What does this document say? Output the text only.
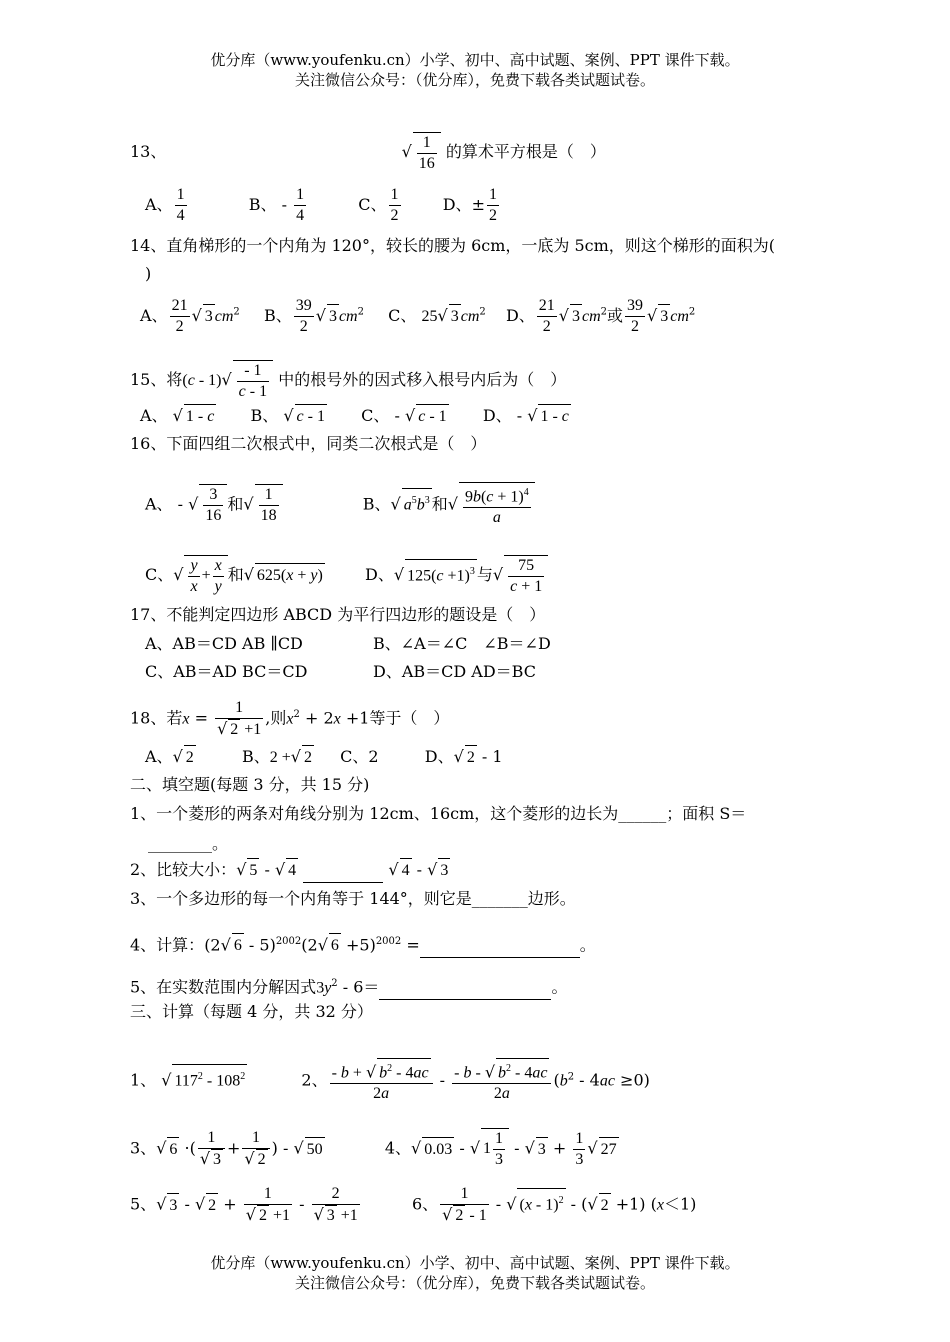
优分库（www.youfenku.cn）小学、初中、高中试题、案例、PPT 课件下载。
关注微信公众号：（优分库），免费下载各类试题试卷。
13、	√ $\frac{1}{16}$ 的算术平方根是（　）
A、 $\frac{1}{4}$	B、 - $\frac{1}{4}$	C、 $\frac{1}{2}$	D、± $\frac{1}{2}$
14、直角梯形的一个内角为 120°，较长的腰为 6cm，一底为 5cm，则这个梯形的面积为(
)
A、 $\frac{21}{2}$ √ 3 $cm^2$ B、 $\frac{39}{2}$ √ 3 $cm^2$ C、 25√ 3 $cm^2$ D、 $\frac{21}{2}$ √ 3 $cm^2$或 $\frac{39}{2}$ √ 3 $cm^2$
15、将$(c - 1)√ \frac{- 1}{c - 1}$ 中的根号外的因式移入根号内后为（　）
A、 √ 1 - c B、 √ c - 1 C、 - √ c - 1 D、 - √ 1 - c
16、下面四组二次根式中，同类二次根式是（　）
A、 - √ $\frac{3}{16}$ 和√ $\frac{1}{18}$	B、√ $a^5b^3$ 和√ $\frac{9b(c + 1)^4}{a}$
C、√ $\frac{y}{x} + \frac{x}{y}$ 和√ 625(x + y)	D、√ $125(c +1)^3$ 与√ $\frac{75}{c + 1}$
17、不能判定四边形 ABCD 为平行四边形的题设是（　）
A、AB＝CD AB ∥CD	B、∠A＝∠C　∠B＝∠D
C、AB＝AD BC＝CD	D、AB＝CD AD＝BC
18、若$x = \frac{1}{√ 2 +1}$ ,则$x^2 + 2x +1$等于（　）
A、√ 2	B、2 +√ 2 C、2	D、√ 2 - 1
二、填空题(每题 3 分，共 15 分)
1、一个菱形的两条对角线分别为 12cm、16cm，这个菱形的边长为______；面积 S＝
________。
2、比较大小：√ 5 - √ 4	√ 4 - √ 3
3、一个多边形的每一个内角等于 144°，则它是_______边形。
4、计算：(2√ 6 - 5)$^{2002}$(2√ 6 +5)$^{2002}$ =	。
5、在实数范围内分解因式$3y^2 - 6=$	。
三、计算（每题 4 分，共 32 分）
1、 √ $117^2 - 108^2$	2、 $\frac{- b + √ b^2 - 4ac}{2a} - \frac{- b - √ b^2 - 4ac}{2a} (b^2 - 4ac \ge 0)$
3、√ 6 ·( $\frac{1}{√ 3} + \frac{1}{√ 2}$ ) - √ 50	4、√ 0.03 - √ $1 \frac{1}{3}$ - √ $3 + \frac{1}{3}$ √ 27
5、√ 3 - √ $2 + \frac{1}{√ 2 +1} - \frac{2}{√ 3 +1}$	6、 $\frac{1}{√ 2 - 1}$ - √ (x - 1)$^2$ - (√ 2 +1) (x＜1)
优分库（www.youfenku.cn）小学、初中、高中试题、案例、PPT 课件下载。
关注微信公众号：（优分库），免费下载各类试题试卷。
